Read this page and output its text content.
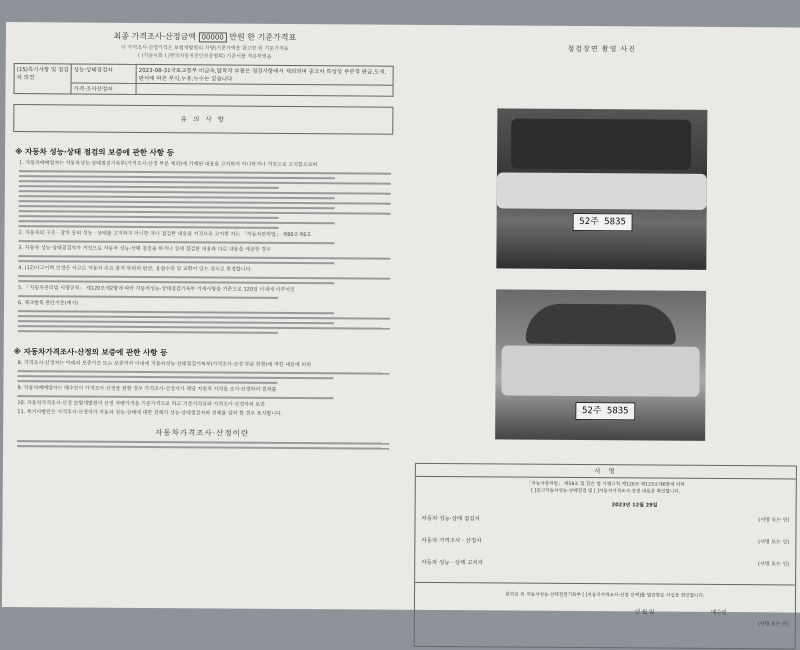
최종 가격조사·산정금액 00000 만원 한 기준가격표
이 가격조사·산정가격은 보험개발원의 차량(기준가액을 참고한 한 기준가격표
( )기술사회 ( )한국자동차진단보증협회) 기준서를 적용하였음
(15)특기사항 및 점검자 의견	성능·상태점검자	2023-08-31국토교통부 비금속,탈착작 부품은 점검사항에서 제외되며 중고차 특성상 부분적 판금,도색,판식에 따른 부식,누유,누수는 있습니다
	가격·조사산정자	
유 의 사 항
※ 자동차 성능·상태 점검의 보증에 관한 사항 등
1. 자동차매매업자는 자동차성능·상태점검기록부(가격조사·산정 부문 제외)에 기재된 내용을 고지하지 아니하거나 거짓으로 고지함으로써
2. 자동차의 구조 · 장치 등의 성능 · 상태를 고지하지 아니한 자나 점검한 내용을 거짓으로 고지한 자는 「자동차관리법」 제80조제6호
3. 자동차 성능·상태점검자가 거짓으로 자동차 성능·상태 점검을 하거나 실제 점검한 내용과 다른 내용을 제공한 경우
4. (12)사고이력 인정은 사고로 자동차 주요 골격 부위의 판금, 용접수리 및 교환이 있는 경우로 한정합니다.
5. 「자동차관리법 시행규칙」 제120조제2항에 따라 자동차성능·상태점검기록부 기재사항을 기준으로 120일 이내에 이루어진
6. 체크항목 판단기준(예시)
※ 자동차가격조사·산정의 보증에 관한 사항 등
8. 가격조사·산정자는 아래의 보증기간 또는 보증거리 이내에 자동차성능·상태점검기록부(가격조사·산정 부문 한함)에 적힌 내용에 허위
9. 자동차매매업자는 매수인이 가격조사·산정을 원할 경우 가격조사·산정자가 해당 자동차 가격을 조사·산정하여 결과를
10. 자동차가격조사·산정 보험개발원이 산정 차량가격을 기준가격으로 하고 기준가격표와 가격조사·산정자의 보증
11. 특기사항란은 가격조사·산정자가 자동차 성능·상태에 대한 견해가 성능·상태점검자와 견해를 달리 할 경우 표시합니다.
자동차가격조사·산정이란
점검장면 촬영 사진
52주 5835
52주 5835
서 명
「자동차관리법」 제58조 및 같은 법 시행규칙 제120조·제123조제6항에 따라
[ ]중고자동차성능·상태점검 및 [ ]자동차가격조사·산정 내용을 확인합니다.
2023년 12월 29일
자동차 성능·상태 점검자	(서명 또는 인)
자동차 가격조사 · 산정자	(서명 또는 인)
자동차 성능 · 상태 고지자	(서명 또는 인)
본인은 위 자동차성능·상태점검기록부 [ ]자동차가격조사·산정 선택]를 발급받은 사실을 확인합니다.
년 월 일	매수인
(서명 또는 인)
